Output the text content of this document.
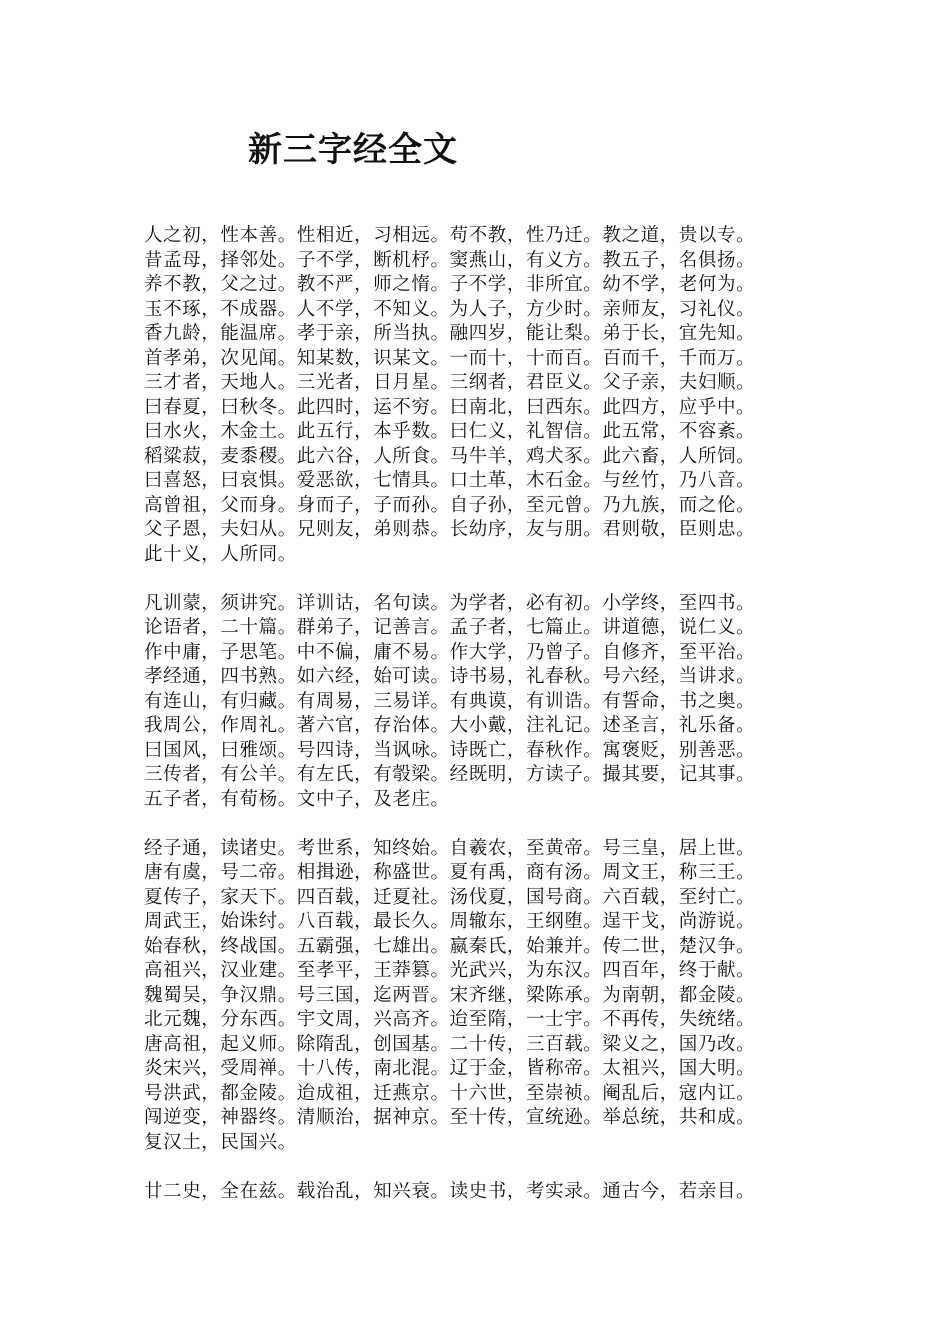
新三字经全文
人之初，性本善。性相近，习相远。苟不教，性乃迁。教之道，贵以专。
昔孟母，择邻处。子不学，断机杼。窦燕山，有义方。教五子，名俱扬。
养不教，父之过。教不严，师之惰。子不学，非所宜。幼不学，老何为。
玉不琢，不成器。人不学，不知义。为人子，方少时。亲师友，习礼仪。
香九龄，能温席。孝于亲，所当执。融四岁，能让梨。弟于长，宜先知。
首孝弟，次见闻。知某数，识某文。一而十，十而百。百而千，千而万。
三才者，天地人。三光者，日月星。三纲者，君臣义。父子亲，夫妇顺。
曰春夏，曰秋冬。此四时，运不穷。曰南北，曰西东。此四方，应乎中。
曰水火，木金土。此五行，本乎数。曰仁义，礼智信。此五常，不容紊。
稻粱菽，麦黍稷。此六谷，人所食。马牛羊，鸡犬豕。此六畜，人所饲。
曰喜怒，曰哀惧。爱恶欲，七情具。口土革，木石金。与丝竹，乃八音。
高曾祖，父而身。身而子，子而孙。自子孙，至元曾。乃九族，而之伦。
父子恩，夫妇从。兄则友，弟则恭。长幼序，友与朋。君则敬，臣则忠。
此十义，人所同。
凡训蒙，须讲究。详训诂，名句读。为学者，必有初。小学终，至四书。
论语者，二十篇。群弟子，记善言。孟子者，七篇止。讲道德，说仁义。
作中庸，子思笔。中不偏，庸不易。作大学，乃曾子。自修齐，至平治。
孝经通，四书熟。如六经，始可读。诗书易，礼春秋。号六经，当讲求。
有连山，有归藏。有周易，三易详。有典谟，有训诰。有誓命，书之奥。
我周公，作周礼。著六官，存治体。大小戴，注礼记。述圣言，礼乐备。
曰国风，曰雅颂。号四诗，当讽咏。诗既亡，春秋作。寓褒贬，别善恶。
三传者，有公羊。有左氏，有彀梁。经既明，方读子。撮其要，记其事。
五子者，有荀杨。文中子，及老庄。
经子通，读诸史。考世系，知终始。自羲农，至黄帝。号三皇，居上世。
唐有虞，号二帝。相揖逊，称盛世。夏有禹，商有汤。周文王，称三王。
夏传子，家天下。四百载，迁夏社。汤伐夏，国号商。六百载，至纣亡。
周武王，始诛纣。八百载，最长久。周辙东，王纲堕。逞干戈，尚游说。
始春秋，终战国。五霸强，七雄出。嬴秦氏，始兼并。传二世，楚汉争。
高祖兴，汉业建。至孝平，王莽篡。光武兴，为东汉。四百年，终于献。
魏蜀吴，争汉鼎。号三国，迄两晋。宋齐继，梁陈承。为南朝，都金陵。
北元魏，分东西。宇文周，兴高齐。迨至隋，一士宇。不再传，失统绪。
唐高祖，起义师。除隋乱，创国基。二十传，三百载。梁义之，国乃改。
炎宋兴，受周禅。十八传，南北混。辽于金，皆称帝。太祖兴，国大明。
号洪武，都金陵。迨成祖，迁燕京。十六世，至崇祯。阉乱后，寇内讧。
闯逆变，神器终。清顺治，据神京。至十传，宣统逊。举总统，共和成。
复汉土，民国兴。
廿二史，全在兹。载治乱，知兴衰。读史书，考实录。通古今，若亲目。
